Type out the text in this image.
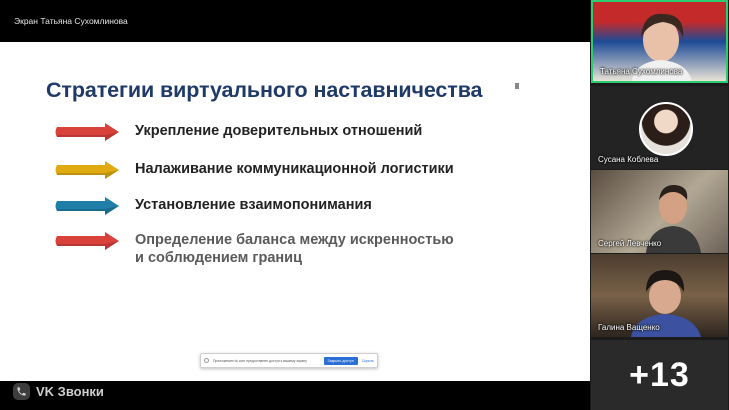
Экран Татьяна Сухомлинова
Стратегии виртуального наставничества
Укрепление доверительных отношений
Налаживание коммуникационной логистики
Установление взаимопонимания
Определение баланса между искренностью
и соблюдением границ
Приложению vk.com предоставлен доступ к вашему экрану	Закрыть доступ	Скрыть
VK Звонки
Татьяна Сухомлинова
Сусана Коблева
Сергей Левченко
Галина Ващенко
+13
